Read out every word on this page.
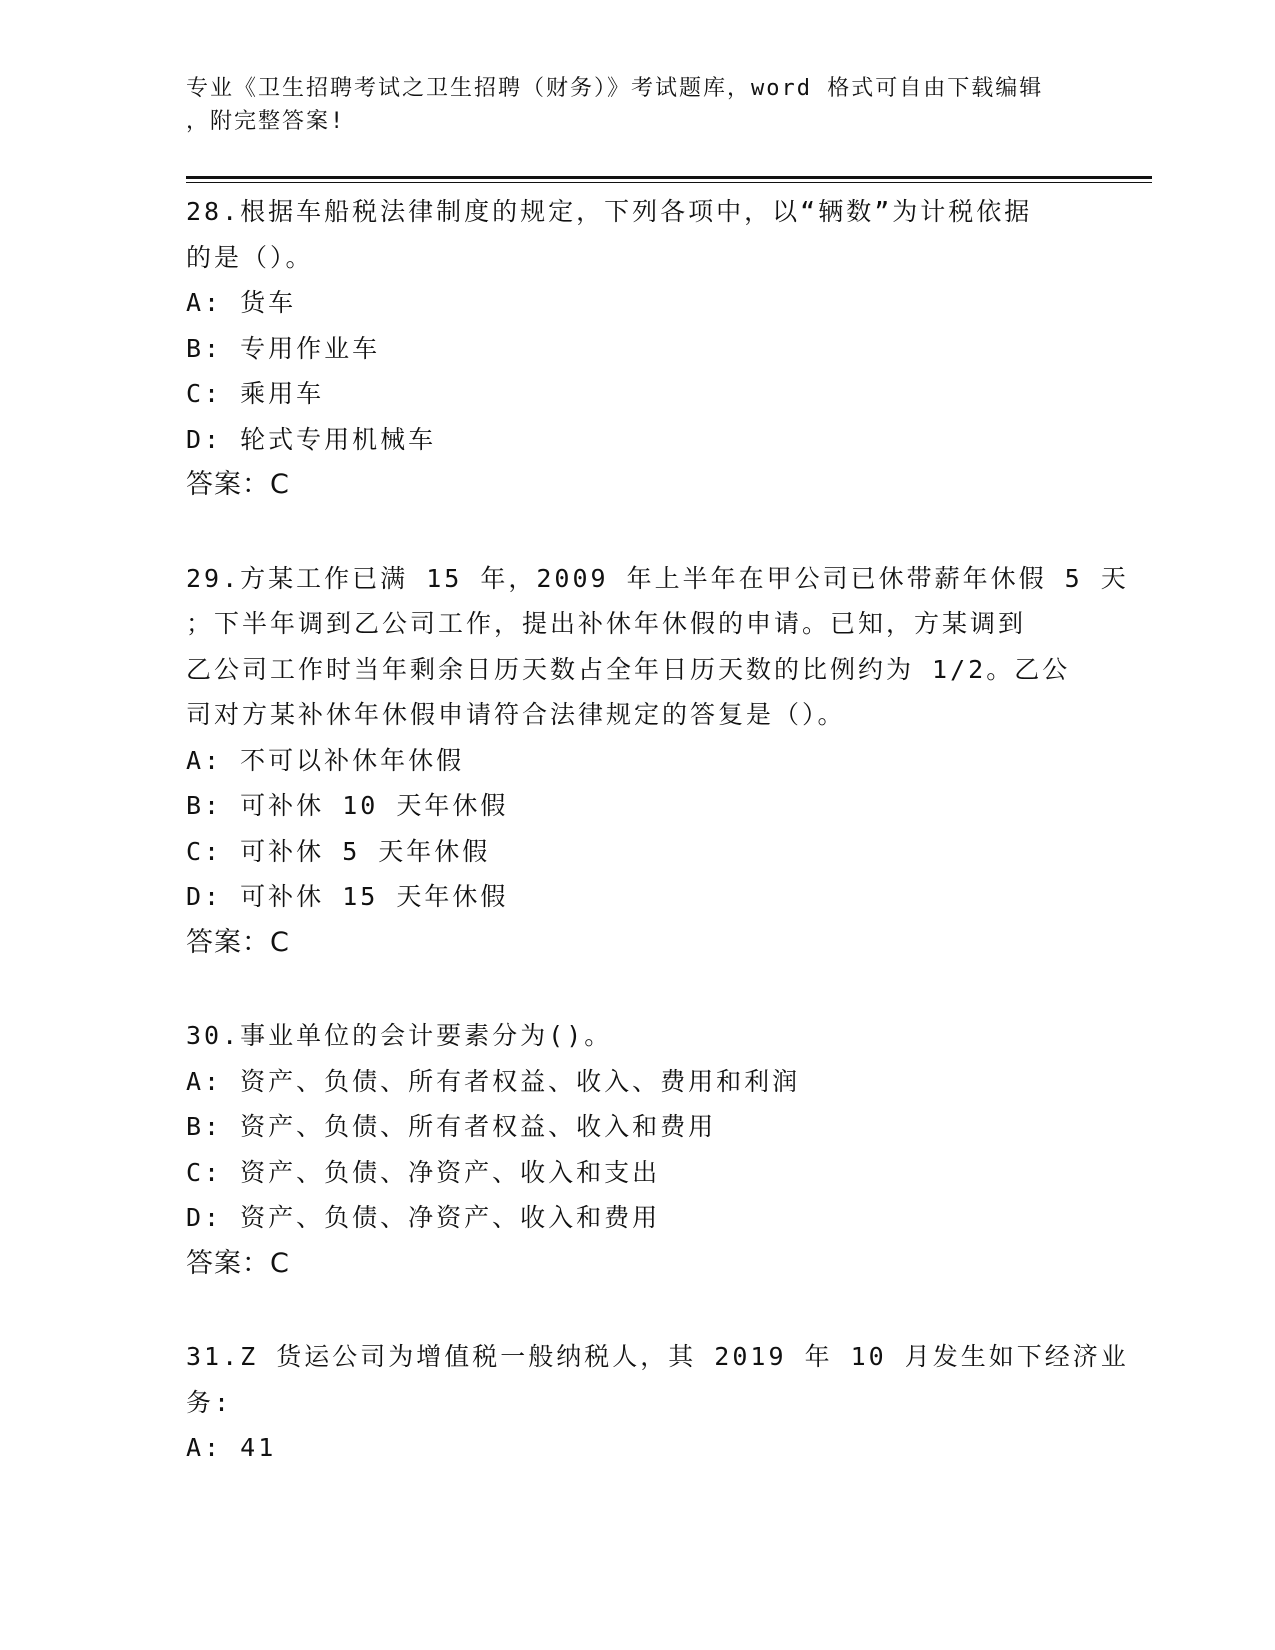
专业《卫生招聘考试之卫生招聘（财务）》考试题库，word 格式可自由下载编辑
，附完整答案!
28.根据车船税法律制度的规定，下列各项中，以“辆数”为计税依据
的是（）。
A: 货车
B: 专用作业车
C: 乘用车
D: 轮式专用机械车
答案：C
29.方某工作已满 15 年，2009 年上半年在甲公司已休带薪年休假 5 天
；下半年调到乙公司工作，提出补休年休假的申请。已知，方某调到
乙公司工作时当年剩余日历天数占全年日历天数的比例约为 1/2。乙公
司对方某补休年休假申请符合法律规定的答复是（）。
A: 不可以补休年休假
B: 可补休 10 天年休假
C: 可补休 5 天年休假
D: 可补休 15 天年休假
答案：C
30.事业单位的会计要素分为()。
A: 资产、负债、所有者权益、收入、费用和利润
B: 资产、负债、所有者权益、收入和费用
C: 资产、负债、净资产、收入和支出
D: 资产、负债、净资产、收入和费用
答案：C
31.Z 货运公司为增值税一般纳税人，其 2019 年 10 月发生如下经济业
务:
A: 41
